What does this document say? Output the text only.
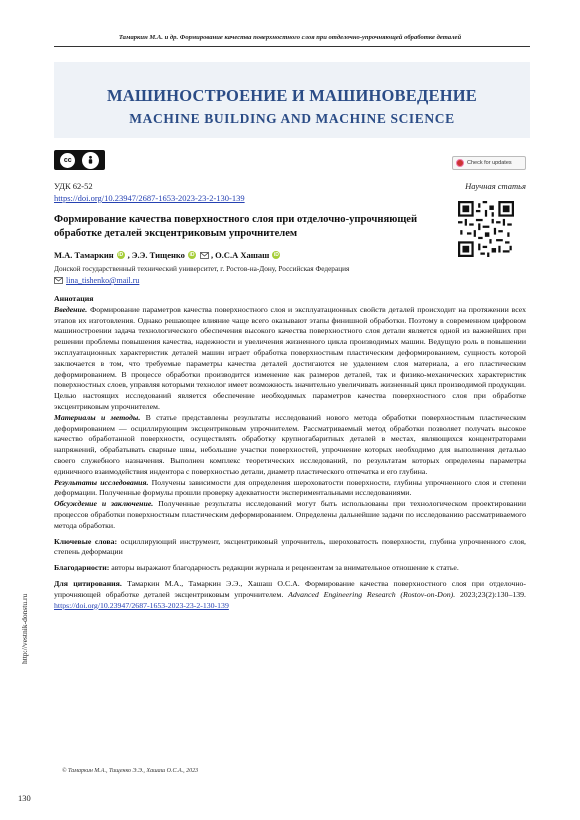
Тамаркин М.А. и др. Формирование качества поверхностного слоя при отделочно-упрочняющей обработке деталей
МАШИНОСТРОЕНИЕ И МАШИНОВЕДЕНИЕ
MACHINE BUILDING AND MACHINE SCIENCE
cc	Check for updates
УДК 62-52	Научная статья
https://doi.org/10.23947/2687-1653-2023-23-2-130-139
Формирование качества поверхностного слоя при отделочно-упрочняющей обработке деталей эксцентриковым упрочнителем
М.А. Тамаркин iD , Э.Э. Тищенко iD , О.С.А Хашаш iD
Донской государственный технический университет, г. Ростов-на-Дону, Российская Федерация
lina_tishenko@mail.ru

Аннотация

Введение. Формирование параметров качества поверхностного слоя и эксплуатационных свойств деталей происходит на протяжении всех этапов их изготовления. Однако решающее влияние чаще всего оказывают этапы финишной обработки. Поэтому в современном цифровом машиностроении задача технологического обеспечения высокого качества поверхностного слоя детали является одной из важнейших при решении проблемы повышения качества, надежности и увеличения жизненного цикла производимых машин. Ведущую роль в повышении эксплуатационных характеристик деталей машин играет обработка поверхностным пластическим деформированием, сущность которой заключается в том, что требуемые параметры качества деталей достигаются не удалением слоя материала, а его пластическим деформированием. В процессе обработки производится изменение как размеров деталей, так и физико-механических характеристик поверхностных слоев, управляя которыми технолог имеет возможность значительно увеличивать жизненный цикл производимой продукции. Целью настоящих исследований является обеспечение необходимых параметров качества поверхностного слоя при обработке эксцентриковым упрочнителем.

Материалы и методы. В статье представлены результаты исследований нового метода обработки поверхностным пластическим деформированием — осциллирующим эксцентриковым упрочнителем. Рассматриваемый метод обработки позволяет получать высокое качество обработанной поверхности, осуществлять обработку крупногабаритных деталей в местах, являющихся концентраторами напряжений, обрабатывать сварные швы, небольшие участки поверхностей, упрочнение которых необходимо для выполнения деталью своего служебного назначения. Выполнен комплекс теоретических исследований, по результатам которых определены параметры единичного взаимодействия индентора с поверхностью детали, диаметр пластического отпечатка и его глубина.

Результаты исследования. Получены зависимости для определения шероховатости поверхности, глубины упрочненного слоя и степени деформации. Полученные формулы прошли проверку адекватности экспериментальными исследованиями.

Обсуждение и заключение. Полученные результаты исследований могут быть использованы при технологическом проектировании процессов обработки поверхностным пластическим деформированием. Определены дальнейшие задачи по исследованию рассматриваемого метода обработки.

Ключевые слова: осциллирующий инструмент, эксцентриковый упрочнитель, шероховатость поверхности, глубина упрочненного слоя, степень деформации

Благодарности: авторы выражают благодарность редакции журнала и рецензентам за внимательное отношение к статье.

Для цитирования. Тамаркин М.А., Тамаркин Э.Э., Хашаш О.С.А. Формирование качества поверхностного слоя при отделочно-упрочняющей обработке деталей эксцентриковым упрочнителем. Advanced Engineering Research (Rostov-on-Don). 2023;23(2):130–139. https://doi.org/10.23947/2687-1653-2023-23-2-130-139

© Тамаркин М.А., Тищенко Э.Э., Хашаш О.С.А., 2023
130
http://vestnik-donstu.ru
